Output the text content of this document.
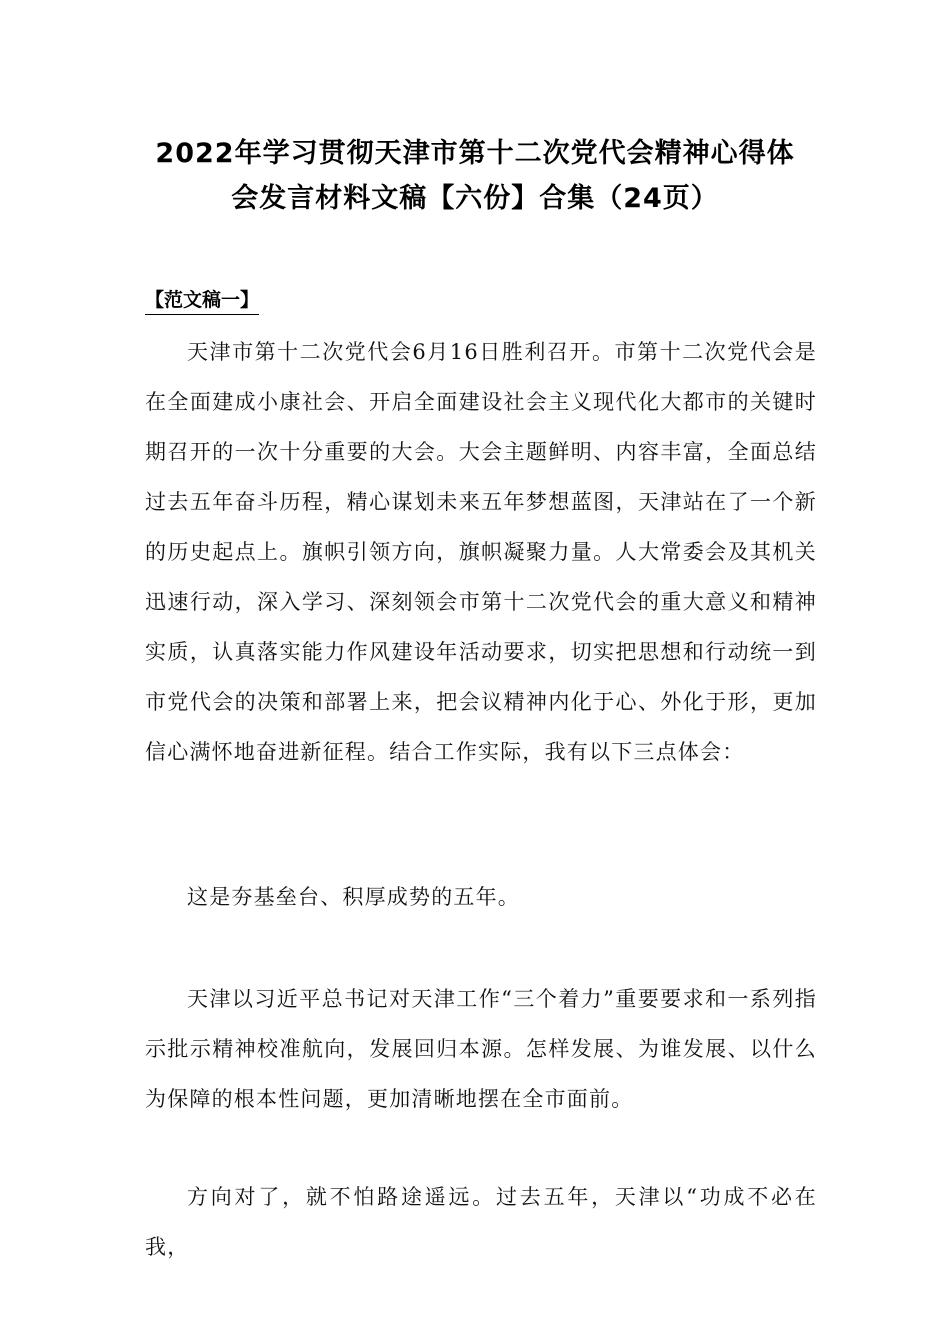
2022年学习贯彻天津市第十二次党代会精神心得体
会发言材料文稿【六份】合集（24页）
【范文稿一】

天津市第十二次党代会6月16日胜利召开。市第十二次党代会是在全面建成小康社会、开启全面建设社会主义现代化大都市的关键时期召开的一次十分重要的大会。大会主题鲜明、内容丰富，全面总结过去五年奋斗历程，精心谋划未来五年梦想蓝图，天津站在了一个新的历史起点上。旗帜引领方向，旗帜凝聚力量。人大常委会及其机关迅速行动，深入学习、深刻领会市第十二次党代会的重大意义和精神实质，认真落实能力作风建设年活动要求，切实把思想和行动统一到市党代会的决策和部署上来，把会议精神内化于心、外化于形，更加信心满怀地奋进新征程。结合工作实际，我有以下三点体会：

这是夯基垒台、积厚成势的五年。

天津以习近平总书记对天津工作“三个着力”重要要求和一系列指示批示精神校准航向，发展回归本源。怎样发展、为谁发展、以什么为保障的根本性问题，更加清晰地摆在全市面前。

方向对了，就不怕路途遥远。过去五年，天津以“功成不必在我，
